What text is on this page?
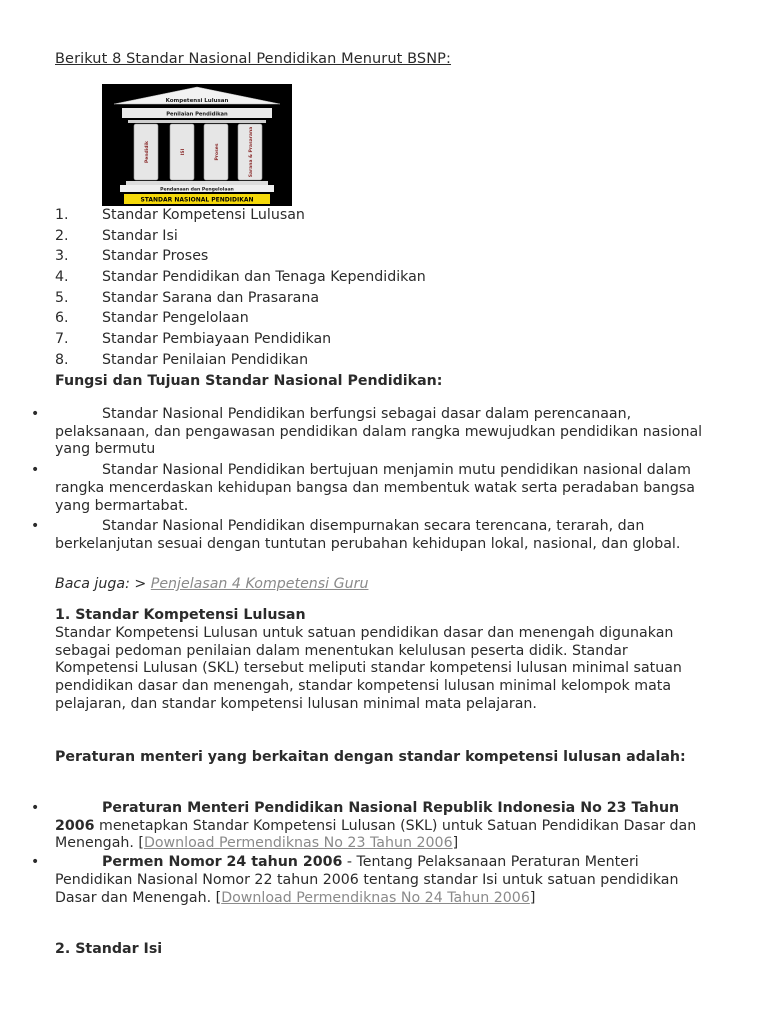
Berikut 8 Standar Nasional Pendidikan Menurut BSNP:
Kompetensi Lulusan
Penilaian Pendidikan
Pendidik	ISI	Proses	Sarana & Prasarana
Pendanaan dan Pengelolaan
STANDAR NASIONAL PENDIDIKAN
1. Standar Kompetensi Lulusan
2. Standar Isi
3. Standar Proses
4. Standar Pendidikan dan Tenaga Kependidikan
5. Standar Sarana dan Prasarana
6. Standar Pengelolaan
7. Standar Pembiayaan Pendidikan
8. Standar Penilaian Pendidikan
Fungsi dan Tujuan Standar Nasional Pendidikan:
•	Standar Nasional Pendidikan berfungsi sebagai dasar dalam perencanaan, pelaksanaan, dan pengawasan pendidikan dalam rangka mewujudkan pendidikan nasional yang bermutu
•	Standar Nasional Pendidikan bertujuan menjamin mutu pendidikan nasional dalam rangka mencerdaskan kehidupan bangsa dan membentuk watak serta peradaban bangsa yang bermartabat.
•	Standar Nasional Pendidikan disempurnakan secara terencana, terarah, dan berkelanjutan sesuai dengan tuntutan perubahan kehidupan lokal, nasional, dan global.
Baca juga: > Penjelasan 4 Kompetensi Guru
1. Standar Kompetensi Lulusan
Standar Kompetensi Lulusan untuk satuan pendidikan dasar dan menengah digunakan sebagai pedoman penilaian dalam menentukan kelulusan peserta didik. Standar Kompetensi Lulusan (SKL) tersebut meliputi standar kompetensi lulusan minimal satuan pendidikan dasar dan menengah, standar kompetensi lulusan minimal kelompok mata pelajaran, dan standar kompetensi lulusan minimal mata pelajaran.
Peraturan menteri yang berkaitan dengan standar kompetensi lulusan adalah:
•	Peraturan Menteri Pendidikan Nasional Republik Indonesia No 23 Tahun 2006 menetapkan Standar Kompetensi Lulusan (SKL) untuk Satuan Pendidikan Dasar dan Menengah. [Download Permendiknas No 23 Tahun 2006]
•	Permen Nomor 24 tahun 2006 - Tentang Pelaksanaan Peraturan Menteri Pendidikan Nasional Nomor 22 tahun 2006 tentang standar Isi untuk satuan pendidikan Dasar dan Menengah. [Download Permendiknas No 24 Tahun 2006]
2. Standar Isi
